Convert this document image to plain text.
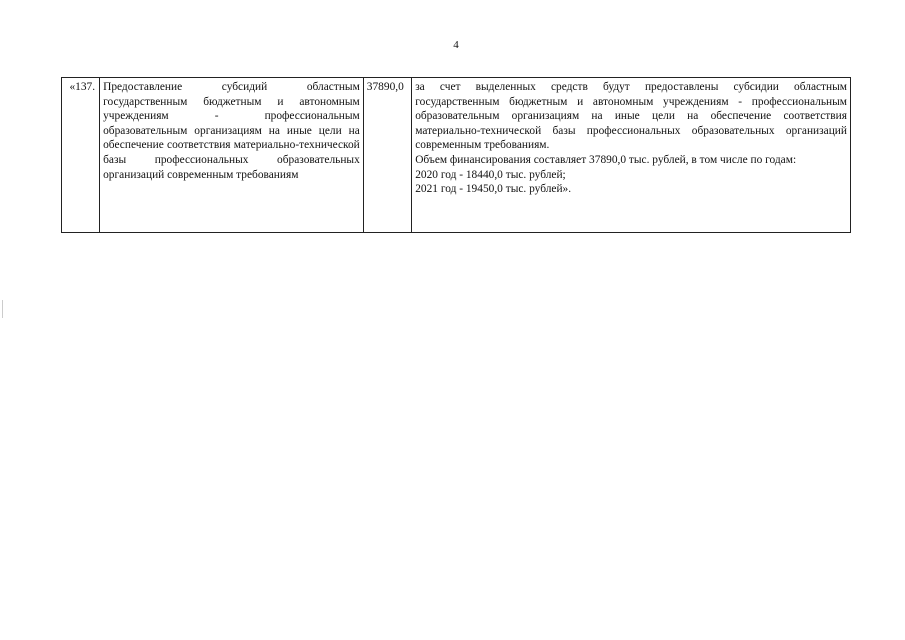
4
«137.	Предоставление субсидий областным государственным бюджетным и автономным учреждениям - профессиональным образовательным организациям на иные цели на обеспечение соответствия материально-технической базы профессиональных образовательных организаций современным требованиям	37890,0	за счет выделенных средств будут предоставлены субсидии областным государственным бюджетным и автономным учреждениям - профессиональным образовательным организациям на иные цели на обеспечение соответствия материально-технической базы профессиональных образовательных организаций современным требованиям.

Объем финансирования составляет 37890,0 тыс. рублей, в том числе по годам:

2020 год - 18440,0 тыс. рублей;

2021 год - 19450,0 тыс. рублей».
